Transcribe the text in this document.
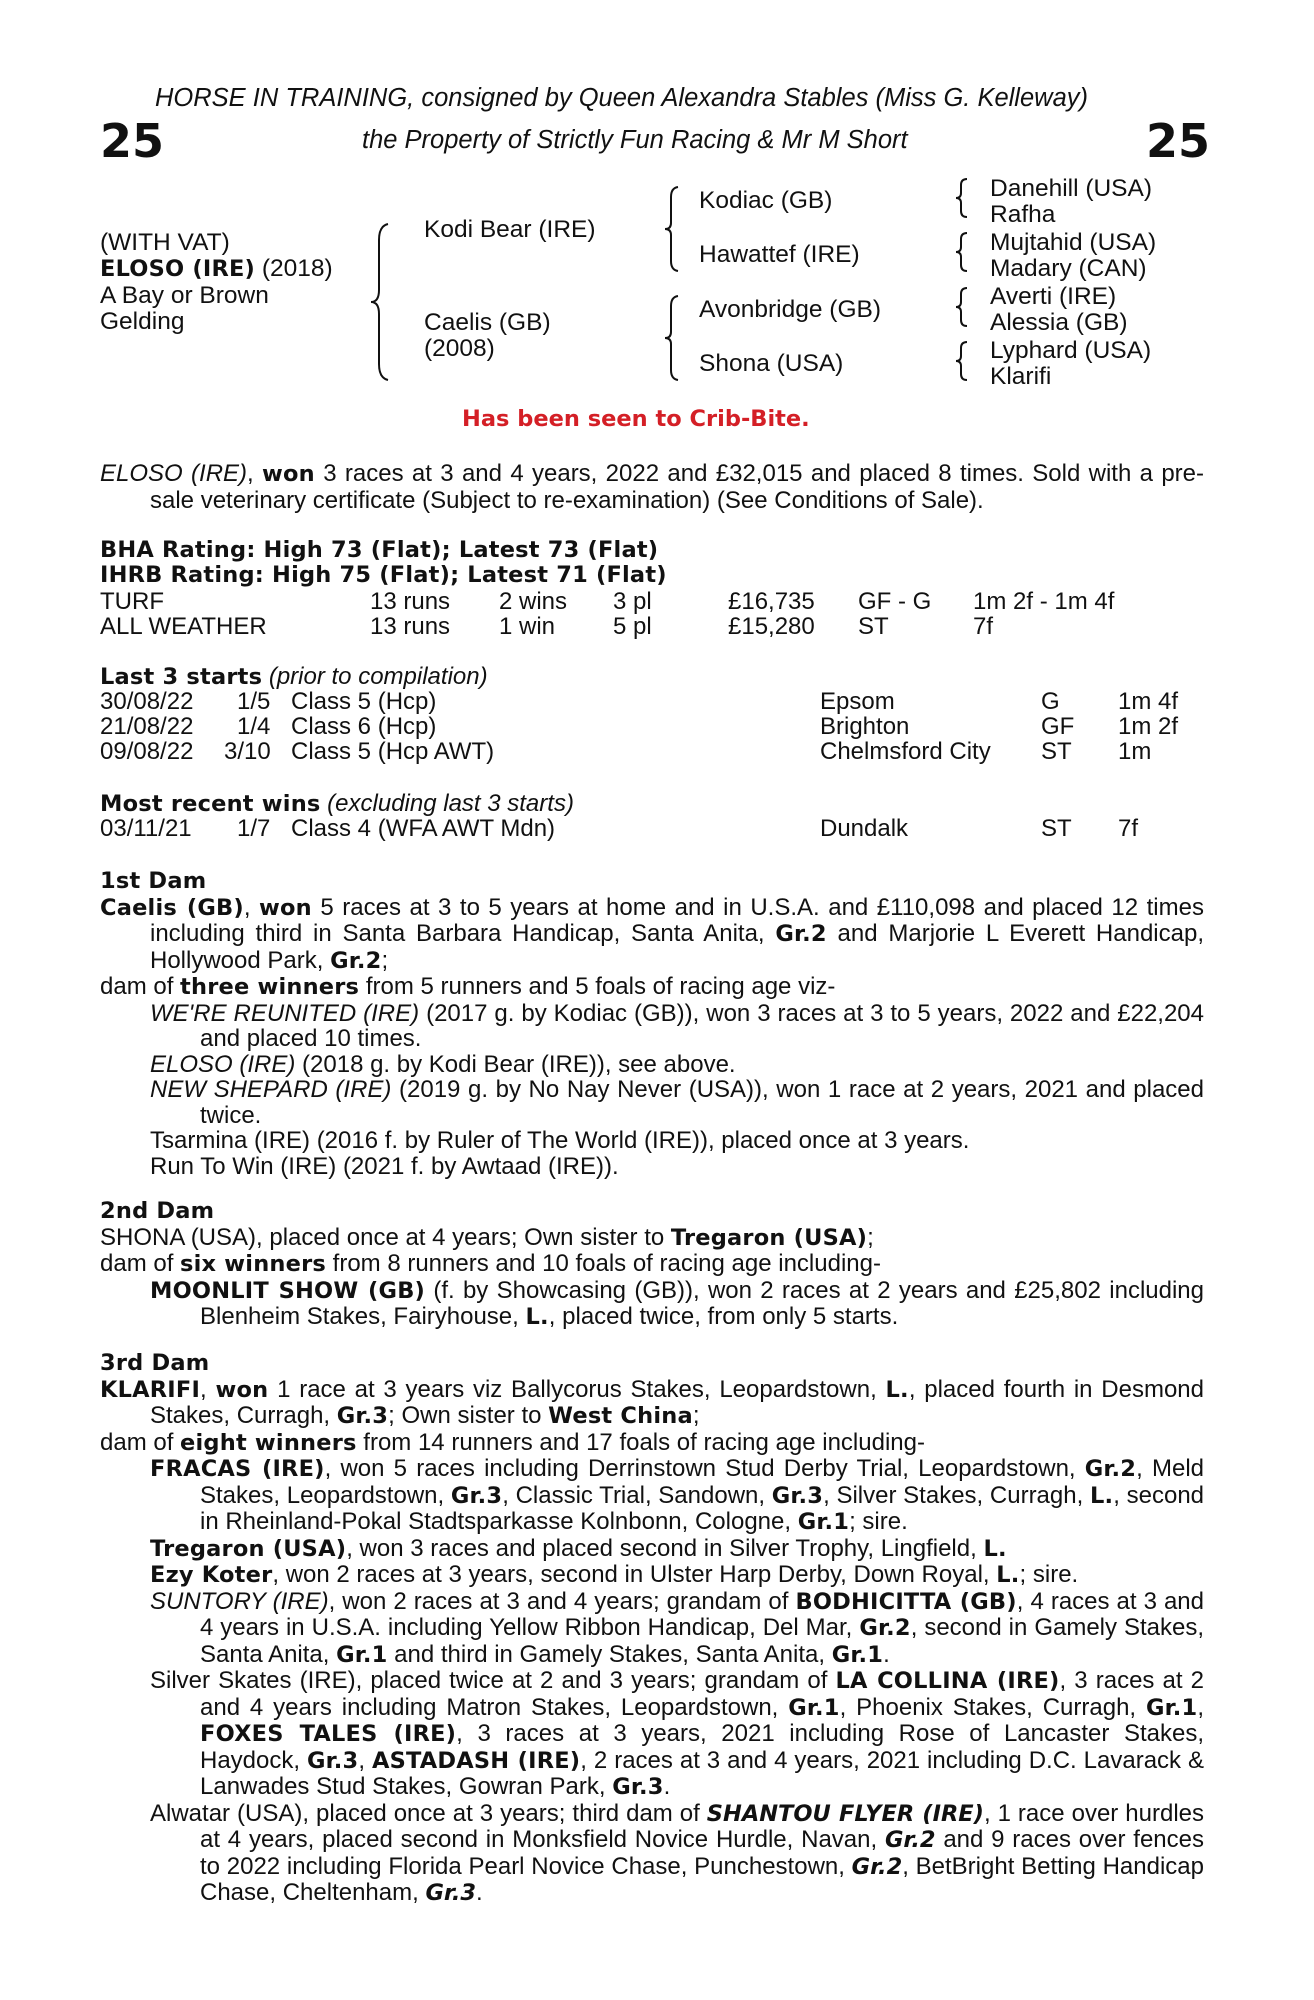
HORSE IN TRAINING, consigned by Queen Alexandra Stables (Miss G. Kelleway)
25	the Property of Strictly Fun Racing & Mr M Short	25
(WITH VAT)
ELOSO (IRE) (2018)
A Bay or Brown
Gelding
Kodi Bear (IRE)
Caelis (GB)
(2008)
Kodiac (GB)
Hawattef (IRE)
Avonbridge (GB)
Shona (USA)
Danehill (USA)
Rafha
Mujtahid (USA)
Madary (CAN)
Averti (IRE)
Alessia (GB)
Lyphard (USA)
Klarifi
Has been seen to Crib-Bite.

ELOSO (IRE), won 3 races at 3 and 4 years, 2022 and £32,015 and placed 8 times. Sold with a pre-sale veterinary certificate (Subject to re-examination) (See Conditions of Sale).

BHA Rating: High 73 (Flat); Latest 73 (Flat)
IHRB Rating: High 75 (Flat); Latest 71 (Flat)
TURF	13 runs 2 wins 3 pl	£16,735 GF - G 1m 2f - 1m 4f
ALL WEATHER	13 runs 1 win 5 pl	£15,280 ST	7f
Last 3 starts (prior to compilation)
30/08/22 1/5 Class 5 (Hcp)	Epsom	G 1m 4f
21/08/22 1/4 Class 6 (Hcp)	Brighton	GF 1m 2f
09/08/22 3/10 Class 5 (Hcp AWT)	Chelmsford City ST 1m
Most recent wins (excluding last 3 starts)
03/11/21 1/7 Class 4 (WFA AWT Mdn)	Dundalk	ST 7f

1st Dam

Caelis (GB), won 5 races at 3 to 5 years at home and in U.S.A. and £110,098 and placed 12 times including third in Santa Barbara Handicap, Santa Anita, Gr.2 and Marjorie L Everett Handicap, Hollywood Park, Gr.2;

dam of three winners from 5 runners and 5 foals of racing age viz-

WE'RE REUNITED (IRE) (2017 g. by Kodiac (GB)), won 3 races at 3 to 5 years, 2022 and £22,204 and placed 10 times.

ELOSO (IRE) (2018 g. by Kodi Bear (IRE)), see above.

NEW SHEPARD (IRE) (2019 g. by No Nay Never (USA)), won 1 race at 2 years, 2021 and placed twice.

Tsarmina (IRE) (2016 f. by Ruler of The World (IRE)), placed once at 3 years.

Run To Win (IRE) (2021 f. by Awtaad (IRE)).

2nd Dam

SHONA (USA), placed once at 4 years; Own sister to Tregaron (USA);

dam of six winners from 8 runners and 10 foals of racing age including-

MOONLIT SHOW (GB) (f. by Showcasing (GB)), won 2 races at 2 years and £25,802 including Blenheim Stakes, Fairyhouse, L., placed twice, from only 5 starts.

3rd Dam

KLARIFI, won 1 race at 3 years viz Ballycorus Stakes, Leopardstown, L., placed fourth in Desmond Stakes, Curragh, Gr.3; Own sister to West China;

dam of eight winners from 14 runners and 17 foals of racing age including-

FRACAS (IRE), won 5 races including Derrinstown Stud Derby Trial, Leopardstown, Gr.2, Meld Stakes, Leopardstown, Gr.3, Classic Trial, Sandown, Gr.3, Silver Stakes, Curragh, L., second in Rheinland-Pokal Stadtsparkasse Kolnbonn, Cologne, Gr.1; sire.

Tregaron (USA), won 3 races and placed second in Silver Trophy, Lingfield, L.

Ezy Koter, won 2 races at 3 years, second in Ulster Harp Derby, Down Royal, L.; sire.

SUNTORY (IRE), won 2 races at 3 and 4 years; grandam of BODHICITTA (GB), 4 races at 3 and 4 years in U.S.A. including Yellow Ribbon Handicap, Del Mar, Gr.2, second in Gamely Stakes, Santa Anita, Gr.1 and third in Gamely Stakes, Santa Anita, Gr.1.

Silver Skates (IRE), placed twice at 2 and 3 years; grandam of LA COLLINA (IRE), 3 races at 2 and 4 years including Matron Stakes, Leopardstown, Gr.1, Phoenix Stakes, Curragh, Gr.1, FOXES TALES (IRE), 3 races at 3 years, 2021 including Rose of Lancaster Stakes, Haydock, Gr.3, ASTADASH (IRE), 2 races at 3 and 4 years, 2021 including D.C. Lavarack & Lanwades Stud Stakes, Gowran Park, Gr.3.

Alwatar (USA), placed once at 3 years; third dam of SHANTOU FLYER (IRE), 1 race over hurdles at 4 years, placed second in Monksfield Novice Hurdle, Navan, Gr.2 and 9 races over fences to 2022 including Florida Pearl Novice Chase, Punchestown, Gr.2, BetBright Betting Handicap Chase, Cheltenham, Gr.3.
